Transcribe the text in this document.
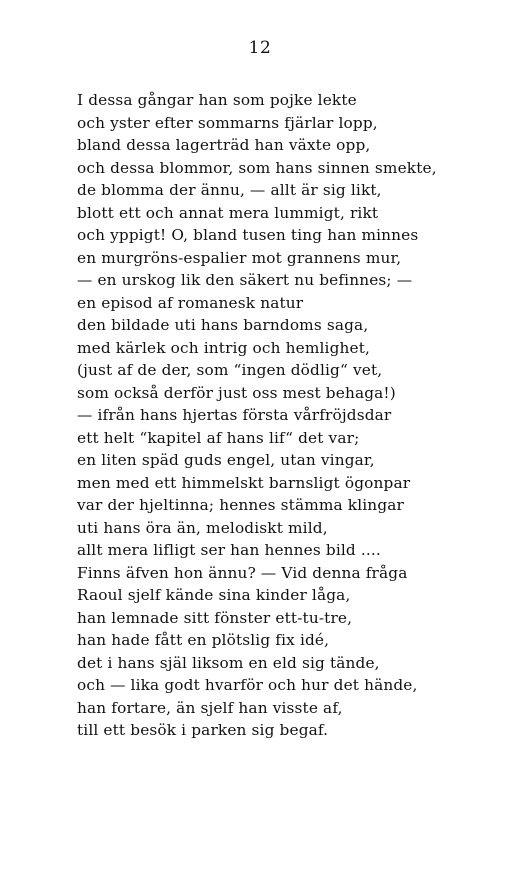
12
I dessa gångar han som pojke lekte
och yster efter sommarns fjärlar lopp,
bland dessa lagerträd han växte opp,
och dessa blommor, som hans sinnen smekte,
de blomma der ännu, — allt är sig likt,
blott ett och annat mera lummigt, rikt
och yppigt! O, bland tusen ting han minnes
en murgröns-espalier mot grannens mur,
— en urskog lik den säkert nu befinnes; —
en episod af romanesk natur
den bildade uti hans barndoms saga,
med kärlek och intrig och hemlighet,
(just af de der, som “ingen dödlig“ vet,
som också derför just oss mest behaga!)
— ifrån hans hjertas första vårfröjdsdar
ett helt “kapitel af hans lif“ det var;
en liten späd guds engel, utan vingar,
men med ett himmelskt barnsligt ögonpar
var der hjeltinna; hennes stämma klingar
uti hans öra än, melodiskt mild,
allt mera lifligt ser han hennes bild ....
Finns äfven hon ännu? — Vid denna fråga
Raoul sjelf kände sina kinder låga,
han lemnade sitt fönster ett-tu-tre,
han hade fått en plötslig fix idé,
det i hans själ liksom en eld sig tände,
och — lika godt hvarför och hur det hände,
han fortare, än sjelf han visste af,
till ett besök i parken sig begaf.
